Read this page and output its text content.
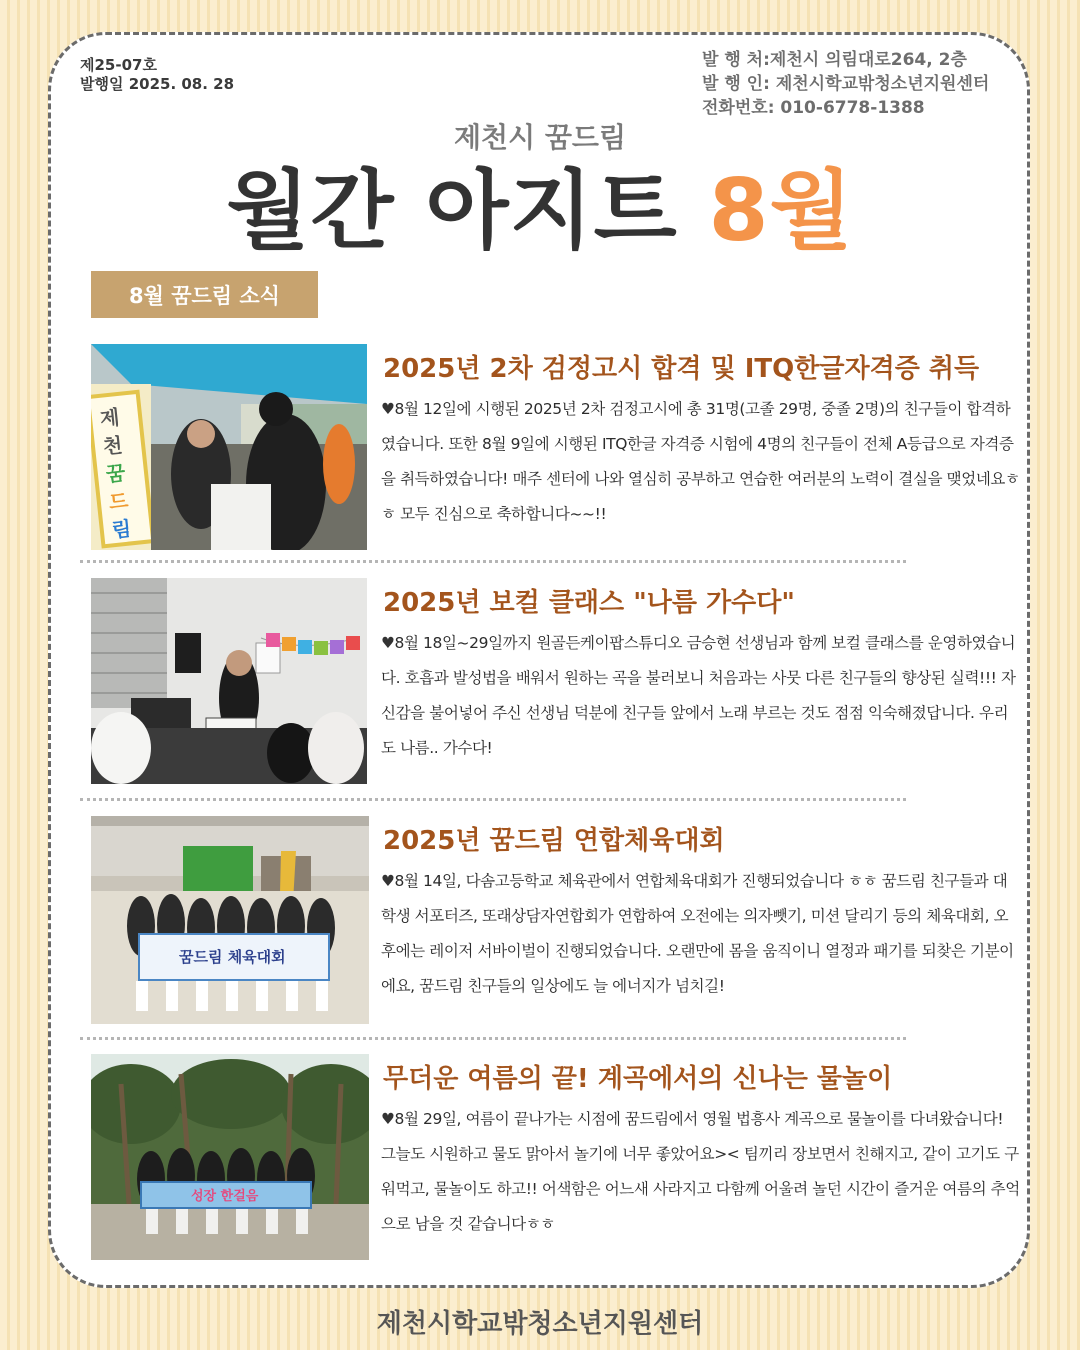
제25-07호
발행일 2025. 08. 28
발 행 처:제천시 의림대로264, 2층
발 행 인: 제천시학교밖청소년지원센터
전화번호: 010-6778-1388
제천시 꿈드림
월간 아지트 8월
8월 꿈드림 소식
제
천
꿈
드
림
2025년 2차 검정고시 합격 및 ITQ한글자격증 취득
♥8월 12일에 시행된 2025년 2차 검정고시에 총 31명(고졸 29명, 중졸 2명)의 친구들이 합격하였습니다. 또한 8월 9일에 시행된 ITQ한글 자격증 시험에 4명의 친구들이 전체 A등급으로 자격증을 취득하였습니다! 매주 센터에 나와 열심히 공부하고 연습한 여러분의 노력이 결실을 맺었네요ㅎㅎ 모두 진심으로 축하합니다~~!!
2025년 보컬 클래스 "나름 가수다"
♥8월 18일~29일까지 원골든케이팝스튜디오 금승현 선생님과 함께 보컬 클래스를 운영하였습니다. 호흡과 발성법을 배워서 원하는 곡을 불러보니 처음과는 사뭇 다른 친구들의 향상된 실력!!! 자신감을 불어넣어 주신 선생님 덕분에 친구들 앞에서 노래 부르는 것도 점점 익숙해졌답니다. 우리도 나름.. 가수다!
꿈드림 체육대회
2025년 꿈드림 연합체육대회
♥8월 14일, 다솜고등학교 체육관에서 연합체육대회가 진행되었습니다 ㅎㅎ 꿈드림 친구들과 대학생 서포터즈, 또래상담자연합회가 연합하여 오전에는 의자뺏기, 미션 달리기 등의 체육대회, 오후에는 레이저 서바이벌이 진행되었습니다. 오랜만에 몸을 움직이니 열정과 패기를 되찾은 기분이에요, 꿈드림 친구들의 일상에도 늘 에너지가 넘치길!
성장 한걸음
무더운 여름의 끝! 계곡에서의 신나는 물놀이
♥8월 29일, 여름이 끝나가는 시점에 꿈드림에서 영월 법흥사 계곡으로 물놀이를 다녀왔습니다! 그늘도 시원하고 물도 맑아서 놀기에 너무 좋았어요>< 팀끼리 장보면서 친해지고, 같이 고기도 구워먹고, 물놀이도 하고!! 어색함은 어느새 사라지고 다함께 어울려 놀던 시간이 즐거운 여름의 추억으로 남을 것 같습니다ㅎㅎ
제천시학교밖청소년지원센터
